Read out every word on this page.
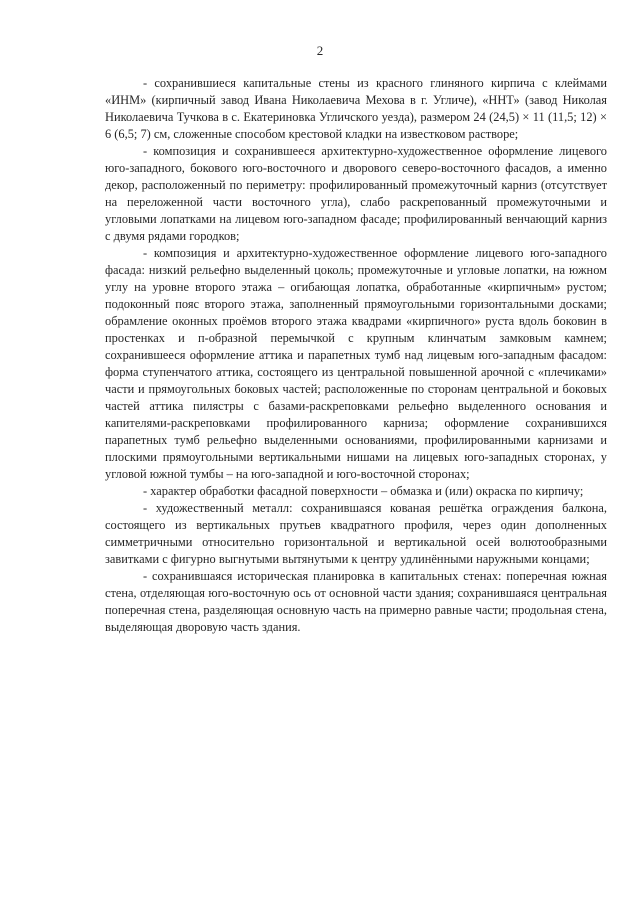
2

- сохранившиеся капитальные стены из красного глиняного кирпича с клеймами «ИНМ» (кирпичный завод Ивана Николаевича Мехова в г. Угличе), «ННТ» (завод Николая Николаевича Тучкова в с. Екатериновка Угличского уезда), размером 24 (24,5) × 11 (11,5; 12) × 6 (6,5; 7) см, сложенные способом крестовой кладки на известковом растворе;

- композиция и сохранившееся архитектурно-художественное оформление лицевого юго-западного, бокового юго-восточного и дворового северо-восточного фасадов, а именно декор, расположенный по периметру: профилированный промежуточный карниз (отсутствует на переложенной части восточного угла), слабо раскрепованный промежуточными и угловыми лопатками на лицевом юго-западном фасаде; профилированный венчающий карниз с двумя рядами городков;

- композиция и архитектурно-художественное оформление лицевого юго-западного фасада: низкий рельефно выделенный цоколь; промежуточные и угловые лопатки, на южном углу на уровне второго этажа – огибающая лопатка, обработанные «кирпичным» рустом; подоконный пояс второго этажа, заполненный прямоугольными горизонтальными досками; обрамление оконных проёмов второго этажа квадрами «кирпичного» руста вдоль боковин в простенках и п-образной перемычкой с крупным клинчатым замковым камнем; сохранившееся оформление аттика и парапетных тумб над лицевым юго-западным фасадом: форма ступенчатого аттика, состоящего из центральной повышенной арочной с «плечиками» части и прямоугольных боковых частей; расположенные по сторонам центральной и боковых частей аттика пилястры с базами-раскреповками рельефно выделенного основания и капителями-раскреповками профилированного карниза; оформление сохранившихся парапетных тумб рельефно выделенными основаниями, профилированными карнизами и плоскими прямоугольными вертикальными нишами на лицевых юго-западных сторонах, у угловой южной тумбы – на юго-западной и юго-восточной сторонах;

- характер обработки фасадной поверхности – обмазка и (или) окраска по кирпичу;

- художественный металл: сохранившаяся кованая решётка ограждения балкона, состоящего из вертикальных прутьев квадратного профиля, через один дополненных симметричными относительно горизонтальной и вертикальной осей волютообразными завитками с фигурно выгнутыми вытянутыми к центру удлинёнными наружными концами;

- сохранившаяся историческая планировка в капитальных стенах: поперечная южная стена, отделяющая юго-восточную ось от основной части здания; сохранившаяся центральная поперечная стена, разделяющая основную часть на примерно равные части; продольная стена, выделяющая дворовую часть здания.
